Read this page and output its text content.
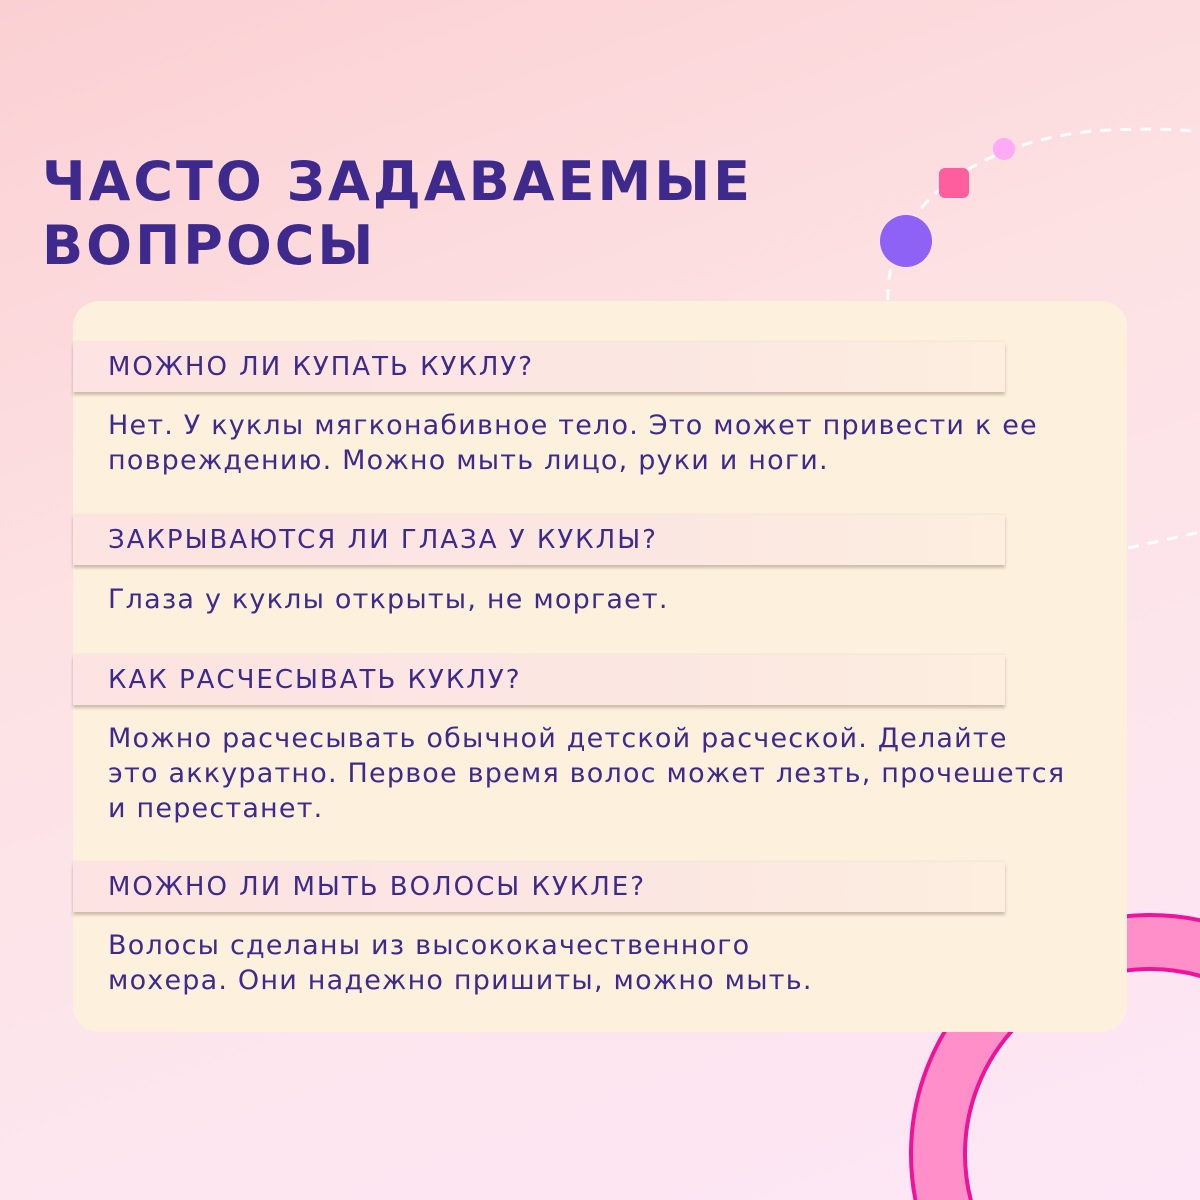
ЧАСТО ЗАДАВАЕМЫЕ
ВОПРОСЫ
МОЖНО ЛИ КУПАТЬ КУКЛУ?

Нет. У куклы мягконабивное тело. Это может привести к ее
повреждению. Можно мыть лицо, руки и ноги.

ЗАКРЫВАЮТСЯ ЛИ ГЛАЗА У КУКЛЫ?

Глаза у куклы открыты, не моргает.

КАК РАСЧЕСЫВАТЬ КУКЛУ?

Можно расчесывать обычной детской расческой. Делайте
это аккуратно. Первое время волос может лезть, прочешется
и перестанет.

МОЖНО ЛИ МЫТЬ ВОЛОСЫ КУКЛЕ?

Волосы сделаны из высококачественного
мохера. Они надежно пришиты, можно мыть.
